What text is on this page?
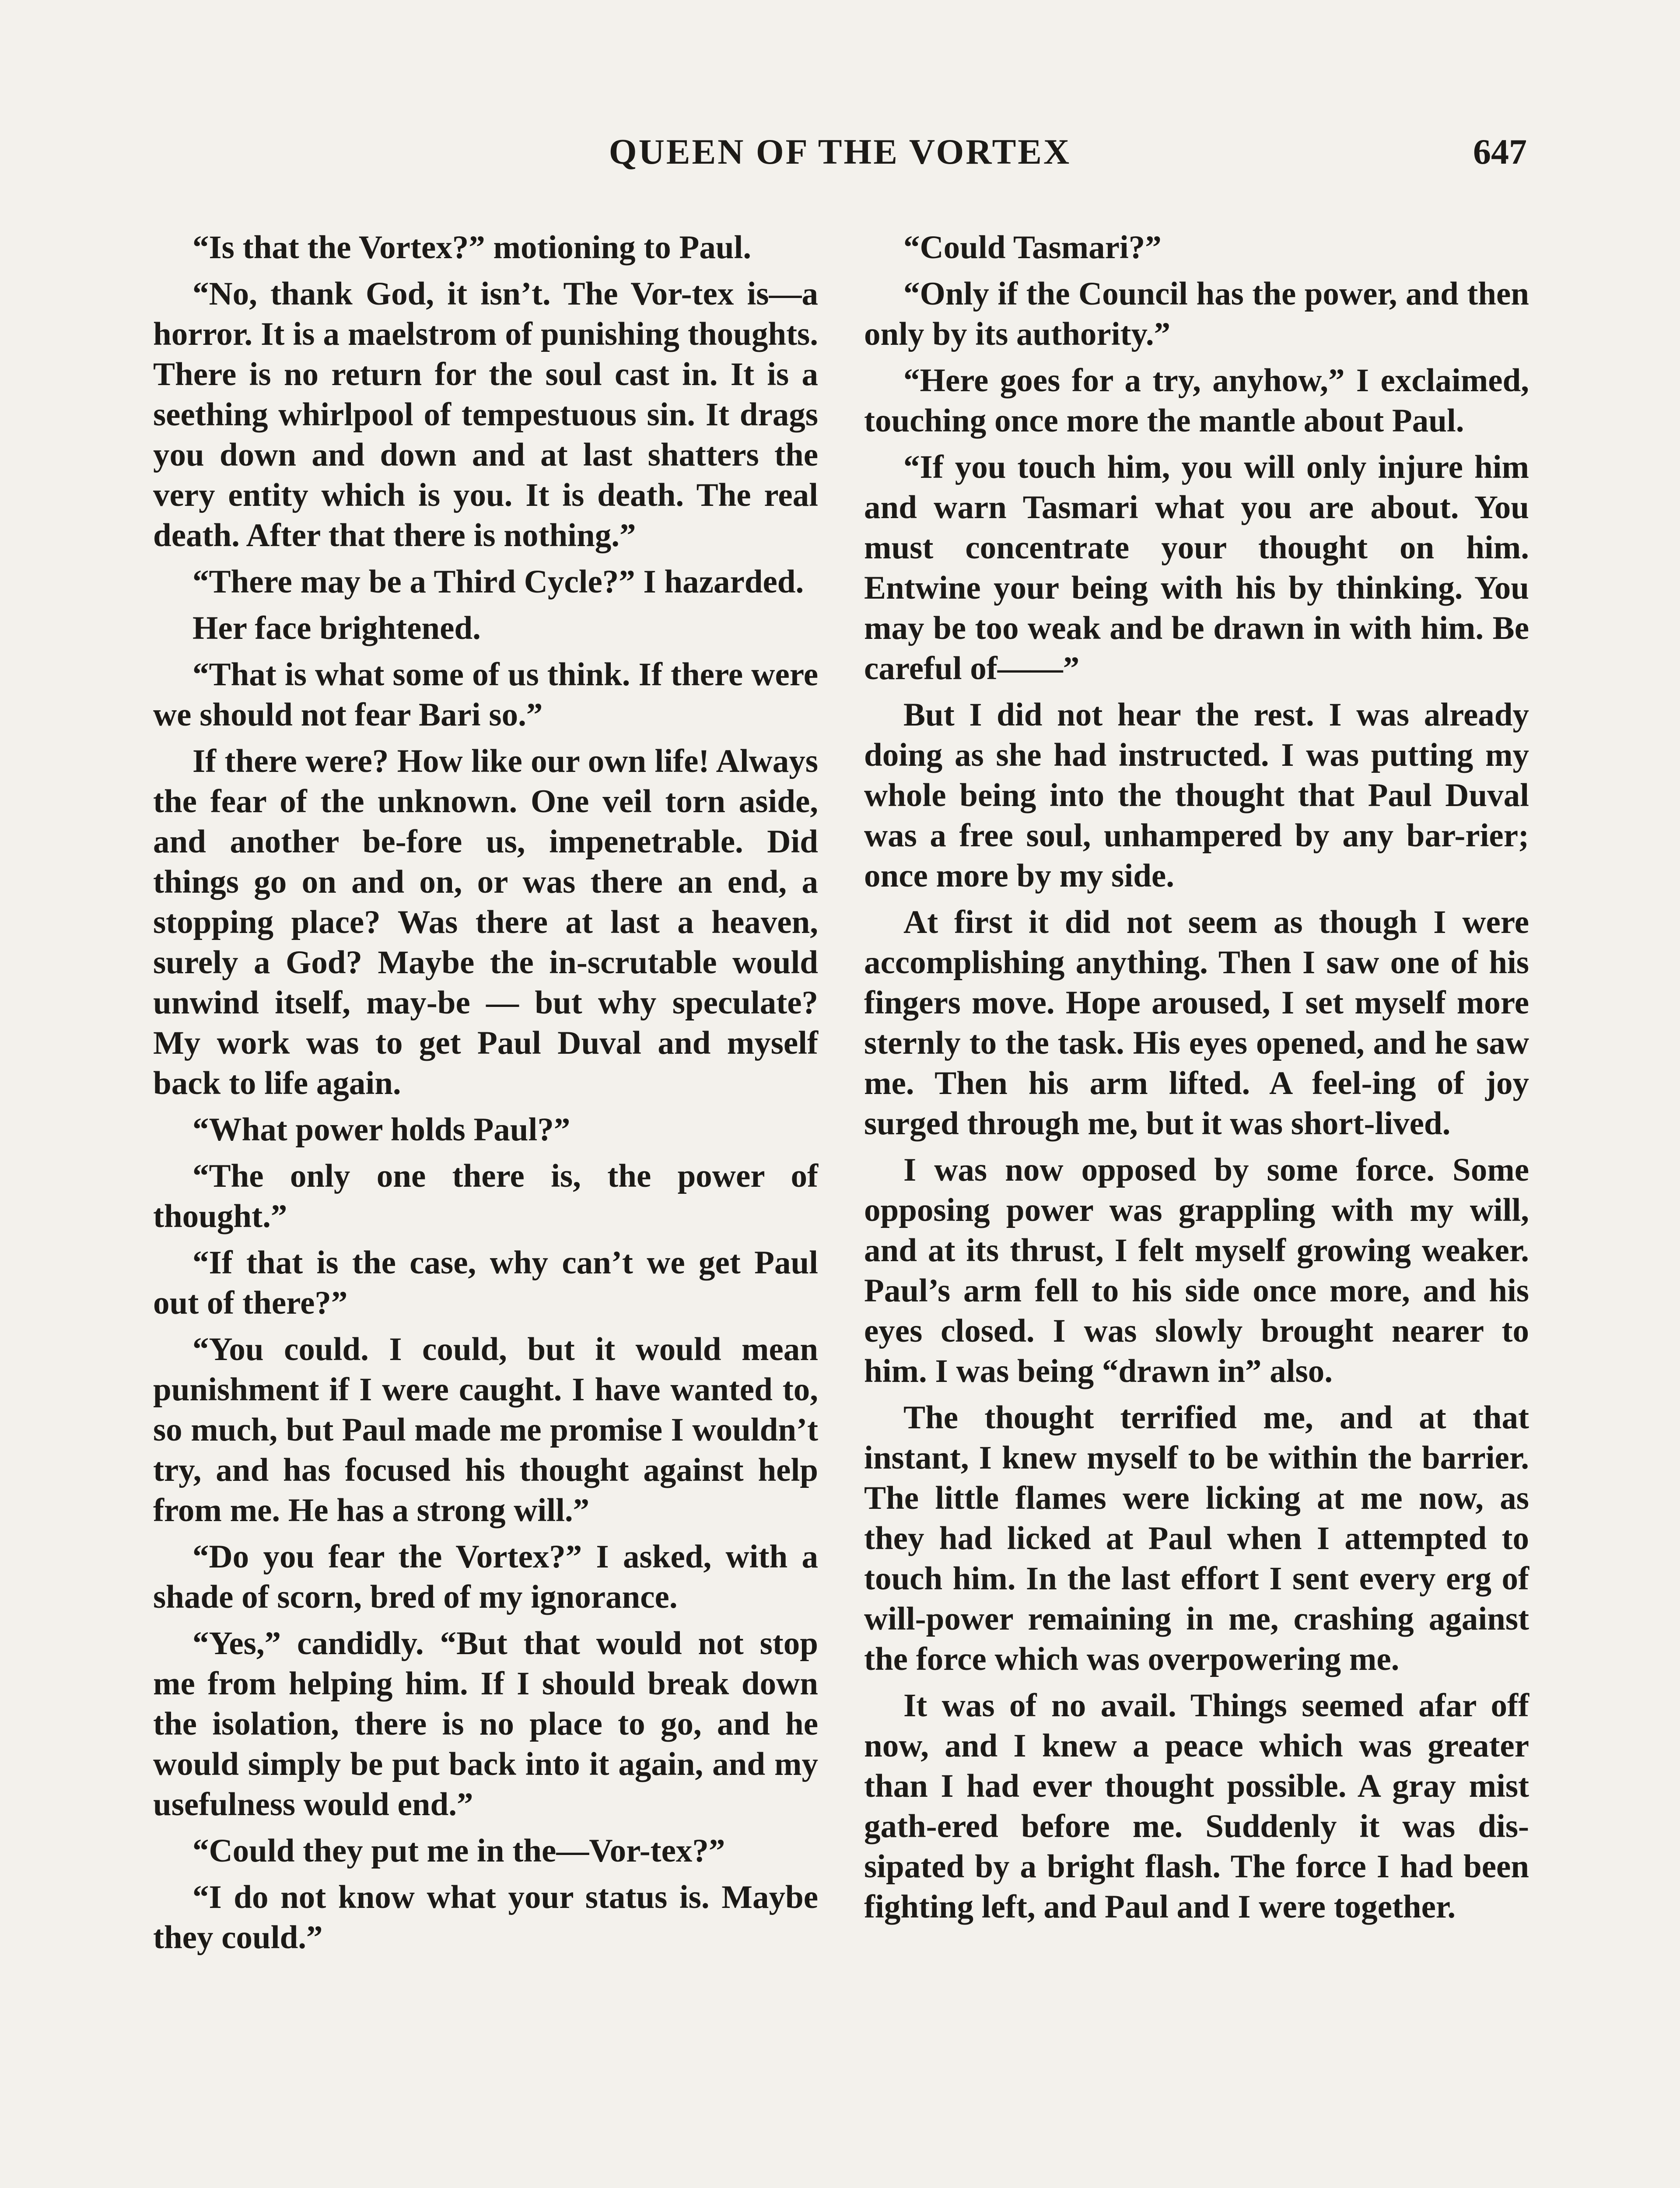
QUEEN OF THE VORTEX	647

“Is that the Vortex?” motioning to Paul.

“No, thank God, it isn’t. The Vor-tex is—a horror. It is a maelstrom of punishing thoughts. There is no return for the soul cast in. It is a seething whirlpool of tempestuous sin. It drags you down and down and at last shatters the very entity which is you. It is death. The real death. After that there is nothing.”

“There may be a Third Cycle?” I hazarded.

Her face brightened.

“That is what some of us think. If there were we should not fear Bari so.”

If there were? How like our own life! Always the fear of the unknown. One veil torn aside, and another be-fore us, impenetrable. Did things go on and on, or was there an end, a stopping place? Was there at last a heaven, surely a God? Maybe the in-scrutable would unwind itself, may-be — but why speculate? My work was to get Paul Duval and myself back to life again.

“What power holds Paul?”

“The only one there is, the power of thought.”

“If that is the case, why can’t we get Paul out of there?”

“You could. I could, but it would mean punishment if I were caught. I have wanted to, so much, but Paul made me promise I wouldn’t try, and has focused his thought against help from me. He has a strong will.”

“Do you fear the Vortex?” I asked, with a shade of scorn, bred of my ignorance.

“Yes,” candidly. “But that would not stop me from helping him. If I should break down the isolation, there is no place to go, and he would simply be put back into it again, and my usefulness would end.”

“Could they put me in the—Vor-tex?”

“I do not know what your status is. Maybe they could.”

“Could Tasmari?”

“Only if the Council has the power, and then only by its authority.”

“Here goes for a try, anyhow,” I exclaimed, touching once more the mantle about Paul.

“If you touch him, you will only injure him and warn Tasmari what you are about. You must concentrate your thought on him. Entwine your being with his by thinking. You may be too weak and be drawn in with him. Be careful of——”

But I did not hear the rest. I was already doing as she had instructed. I was putting my whole being into the thought that Paul Duval was a free soul, unhampered by any bar-rier; once more by my side.

At first it did not seem as though I were accomplishing anything. Then I saw one of his fingers move. Hope aroused, I set myself more sternly to the task. His eyes opened, and he saw me. Then his arm lifted. A feel-ing of joy surged through me, but it was short-lived.

I was now opposed by some force. Some opposing power was grappling with my will, and at its thrust, I felt myself growing weaker. Paul’s arm fell to his side once more, and his eyes closed. I was slowly brought nearer to him. I was being “drawn in” also.

The thought terrified me, and at that instant, I knew myself to be within the barrier. The little flames were licking at me now, as they had licked at Paul when I attempted to touch him. In the last effort I sent every erg of will-power remaining in me, crashing against the force which was overpowering me.

It was of no avail. Things seemed afar off now, and I knew a peace which was greater than I had ever thought possible. A gray mist gath-ered before me. Suddenly it was dis-sipated by a bright flash. The force I had been fighting left, and Paul and I were together.
